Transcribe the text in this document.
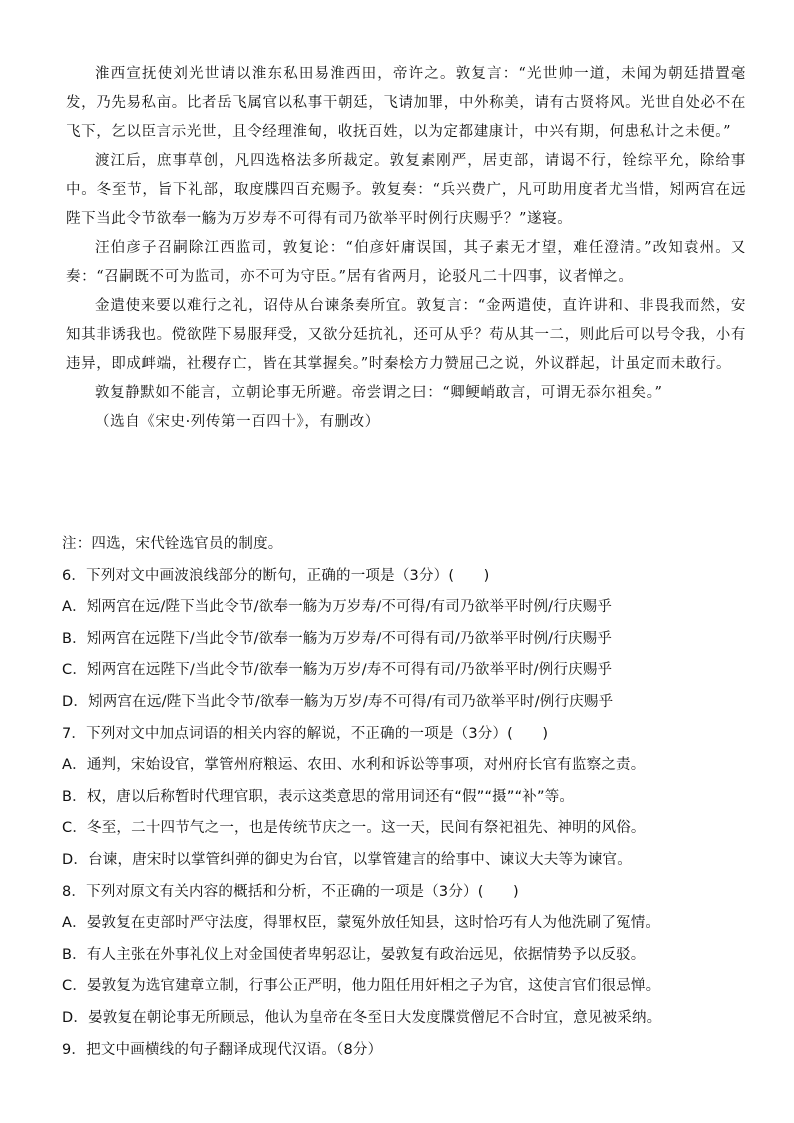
淮西宣抚使刘光世请以淮东私田易淮西田，帝许之。敦复言：“光世帅一道，未闻为朝廷措置毫发，乃先易私亩。比者岳飞属官以私事干朝廷，飞请加罪，中外称美，请有古贤将风。光世自处必不在飞下，乞以臣言示光世，且令经理淮甸，收抚百姓，以为定都建康计，中兴有期，何患私计之未便。”

渡江后，庶事草创，凡四选格法多所裁定。敦复素刚严，居吏部，请谒不行，铨综平允，除给事中。冬至节，旨下礼部，取度牒四百充赐予。敦复奏：“兵兴费广，凡可助用度者尤当惜，矧两宫在远陛下当此令节欲奉一觞为万岁寿不可得有司乃欲举平时例行庆赐乎？”遂寝。

汪伯彦子召嗣除江西监司，敦复论：“伯彦奸庸误国，其子素无才望，难任澄清。”改知袁州。又奏：“召嗣既不可为监司，亦不可为守臣。”居有省两月，论驳凡二十四事，议者惮之。

金遣使来要以难行之礼，诏侍从台谏条奏所宜。敦复言：“金两遣使，直许讲和、非畏我而然，安知其非诱我也。傥欲陛下易服拜受，又欲分廷抗礼，还可从乎？苟从其一二，则此后可以号令我，小有违异，即成衅端，社稷存亡，皆在其掌握矣。”时秦桧方力赞屈己之说，外议群起，计虽定而未敢行。

敦复静默如不能言，立朝论事无所避。帝尝谓之曰：“卿鲠峭敢言，可谓无忝尔祖矣。”

（选自《宋史·列传第一百四十》，有删改）

注：四选，宋代铨选官员的制度。
6．下列对文中画波浪线部分的断句，正确的一项是（3分）(　　)
A．矧两宫在远/陛下当此令节/欲奉一觞为万岁寿/不可得/有司乃欲举平时例/行庆赐乎
B．矧两宫在远陛下/当此令节/欲奉一觞为万岁寿/不可得有司/乃欲举平时例/行庆赐乎
C．矧两宫在远陛下/当此令节/欲奉一觞为万岁/寿不可得有司/乃欲举平时/例行庆赐乎
D．矧两宫在远/陛下当此令节/欲奉一觞为万岁/寿不可得/有司乃欲举平时/例行庆赐乎
7．下列对文中加点词语的相关内容的解说，不正确的一项是（3分）(　　)
A．通判，宋始设官，掌管州府粮运、农田、水利和诉讼等事项，对州府长官有监察之责。
B．权，唐以后称暂时代理官职，表示这类意思的常用词还有“假”“摄”“补”等。
C．冬至，二十四节气之一，也是传统节庆之一。这一天，民间有祭祀祖先、神明的风俗。
D．台谏，唐宋时以掌管纠弹的御史为台官，以掌管建言的给事中、谏议大夫等为谏官。
8．下列对原文有关内容的概括和分析，不正确的一项是（3分）(　　)
A．晏敦复在吏部时严守法度，得罪权臣，蒙冤外放任知县，这时恰巧有人为他洗刷了冤情。
B．有人主张在外事礼仪上对金国使者卑躬忍让，晏敦复有政治远见，依据情势予以反驳。
C．晏敦复为选官建章立制，行事公正严明，他力阻任用奸相之子为官，这使言官们很忌惮。
D．晏敦复在朝论事无所顾忌，他认为皇帝在冬至日大发度牒赏僧尼不合时宜，意见被采纳。
9．把文中画横线的句子翻译成现代汉语。（8分）
